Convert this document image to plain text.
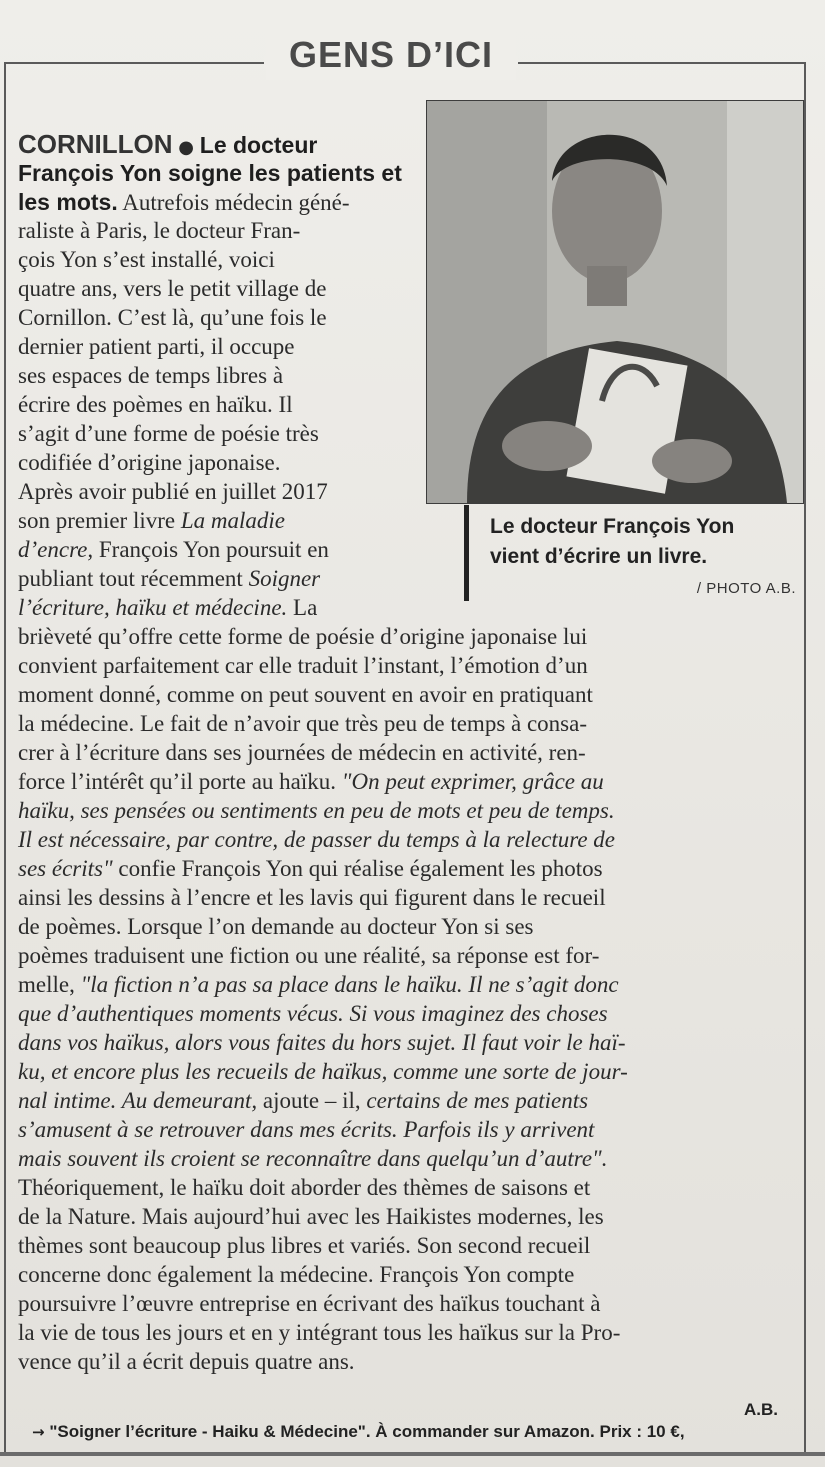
GENS D’ICI
Le docteur François Yon
vient d’écrire un livre.
/ PHOTO A.B.
CORNILLON ● Le docteur
François Yon soigne les patients et
les mots. Autrefois médecin géné-
raliste à Paris, le docteur Fran-
çois Yon s’est installé, voici
quatre ans, vers le petit village de
Cornillon. C’est là, qu’une fois le
dernier patient parti, il occupe
ses espaces de temps libres à
écrire des poèmes en haïku. Il
s’agit d’une forme de poésie très
codifiée d’origine japonaise.
Après avoir publié en juillet 2017
son premier livre La maladie
d’encre, François Yon poursuit en
publiant tout récemment Soigner
l’écriture, haïku et médecine. La
brièveté qu’offre cette forme de poésie d’origine japonaise lui
convient parfaitement car elle traduit l’instant, l’émotion d’un
moment donné, comme on peut souvent en avoir en pratiquant
la médecine. Le fait de n’avoir que très peu de temps à consa-
crer à l’écriture dans ses journées de médecin en activité, ren-
force l’intérêt qu’il porte au haïku. "On peut exprimer, grâce au
haïku, ses pensées ou sentiments en peu de mots et peu de temps.
Il est nécessaire, par contre, de passer du temps à la relecture de
ses écrits" confie François Yon qui réalise également les photos
ainsi les dessins à l’encre et les lavis qui figurent dans le recueil
de poèmes. Lorsque l’on demande au docteur Yon si ses
poèmes traduisent une fiction ou une réalité, sa réponse est for-
melle, "la fiction n’a pas sa place dans le haïku. Il ne s’agit donc
que d’authentiques moments vécus. Si vous imaginez des choses
dans vos haïkus, alors vous faites du hors sujet. Il faut voir le haï-
ku, et encore plus les recueils de haïkus, comme une sorte de jour-
nal intime. Au demeurant, ajoute – il, certains de mes patients
s’amusent à se retrouver dans mes écrits. Parfois ils y arrivent
mais souvent ils croient se reconnaître dans quelqu’un d’autre".
Théoriquement, le haïku doit aborder des thèmes de saisons et
de la Nature. Mais aujourd’hui avec les Haikistes modernes, les
thèmes sont beaucoup plus libres et variés. Son second recueil
concerne donc également la médecine. François Yon compte
poursuivre l’œuvre entreprise en écrivant des haïkus touchant à
la vie de tous les jours et en y intégrant tous les haïkus sur la Pro-
vence qu’il a écrit depuis quatre ans.
A.B.
→ "Soigner l’écriture - Haiku & Médecine". À commander sur Amazon. Prix : 10 €,
